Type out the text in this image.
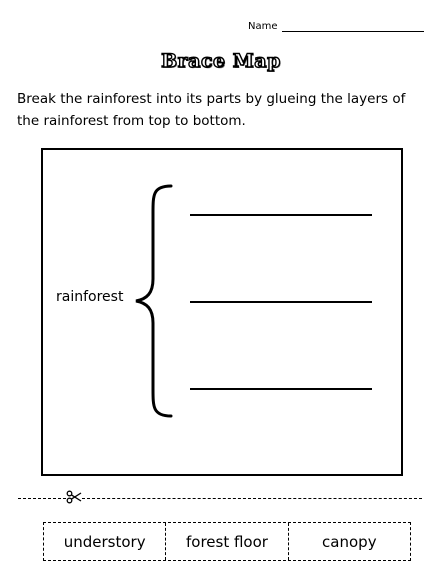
Name
Brace Map
Break the rainforest into its parts by glueing the layers of the rainforest from top to bottom.
rainforest
understory	forest floor	canopy
